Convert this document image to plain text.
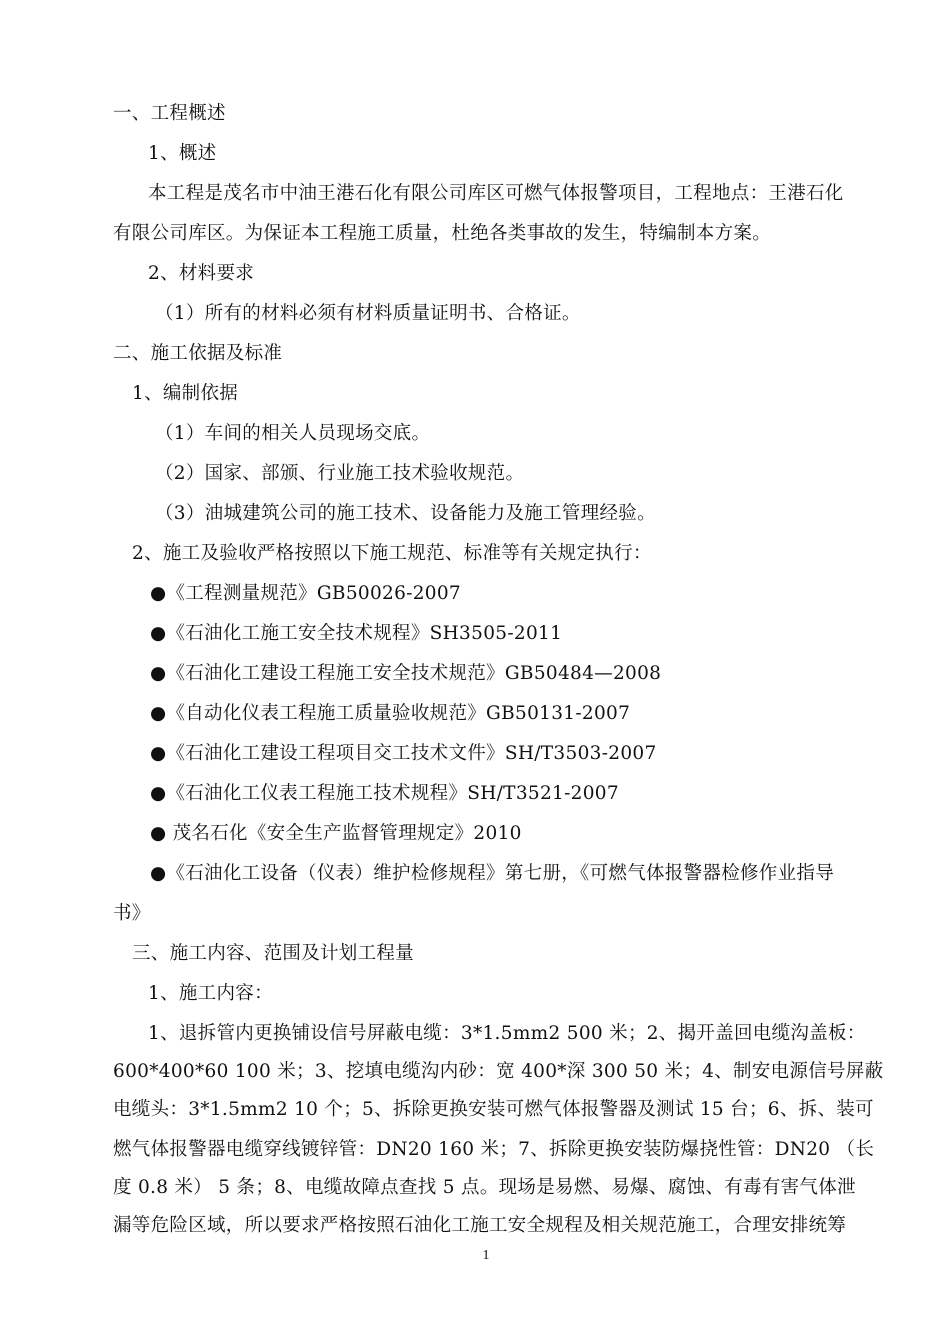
一、工程概述
1、概述
本工程是茂名市中油王港石化有限公司库区可燃气体报警项目，工程地点：王港石化
有限公司库区。为保证本工程施工质量，杜绝各类事故的发生，特编制本方案。
2、材料要求
（1）所有的材料必须有材料质量证明书、合格证。
二、施工依据及标准
1、编制依据
（1）车间的相关人员现场交底。
（2）国家、部颁、行业施工技术验收规范。
（3）油城建筑公司的施工技术、设备能力及施工管理经验。
2、施工及验收严格按照以下施工规范、标准等有关规定执行：
●《工程测量规范》GB50026-2007
●《石油化工施工安全技术规程》SH3505-2011
●《石油化工建设工程施工安全技术规范》GB50484—2008
●《自动化仪表工程施工质量验收规范》GB50131-2007
●《石油化工建设工程项目交工技术文件》SH/T3503-2007
●《石油化工仪表工程施工技术规程》SH/T3521-2007
● 茂名石化《安全生产监督管理规定》2010
●《石油化工设备（仪表）维护检修规程》第七册，《可燃气体报警器检修作业指导
书》
三、施工内容、范围及计划工程量
1、施工内容：
1、退拆管内更换铺设信号屏蔽电缆：3*1.5mm2 500 米；2、揭开盖回电缆沟盖板：
600*400*60 100 米；3、挖填电缆沟内砂：宽 400*深 300 50 米；4、制安电源信号屏蔽
电缆头：3*1.5mm2 10 个；5、拆除更换安装可燃气体报警器及测试 15 台；6、拆、装可
燃气体报警器电缆穿线镀锌管：DN20 160 米；7、拆除更换安装防爆挠性管：DN20 （长
度 0.8 米） 5 条；8、电缆故障点查找 5 点。现场是易燃、易爆、腐蚀、有毒有害气体泄
漏等危险区域，所以要求严格按照石油化工施工安全规程及相关规范施工，合理安排统筹
1
